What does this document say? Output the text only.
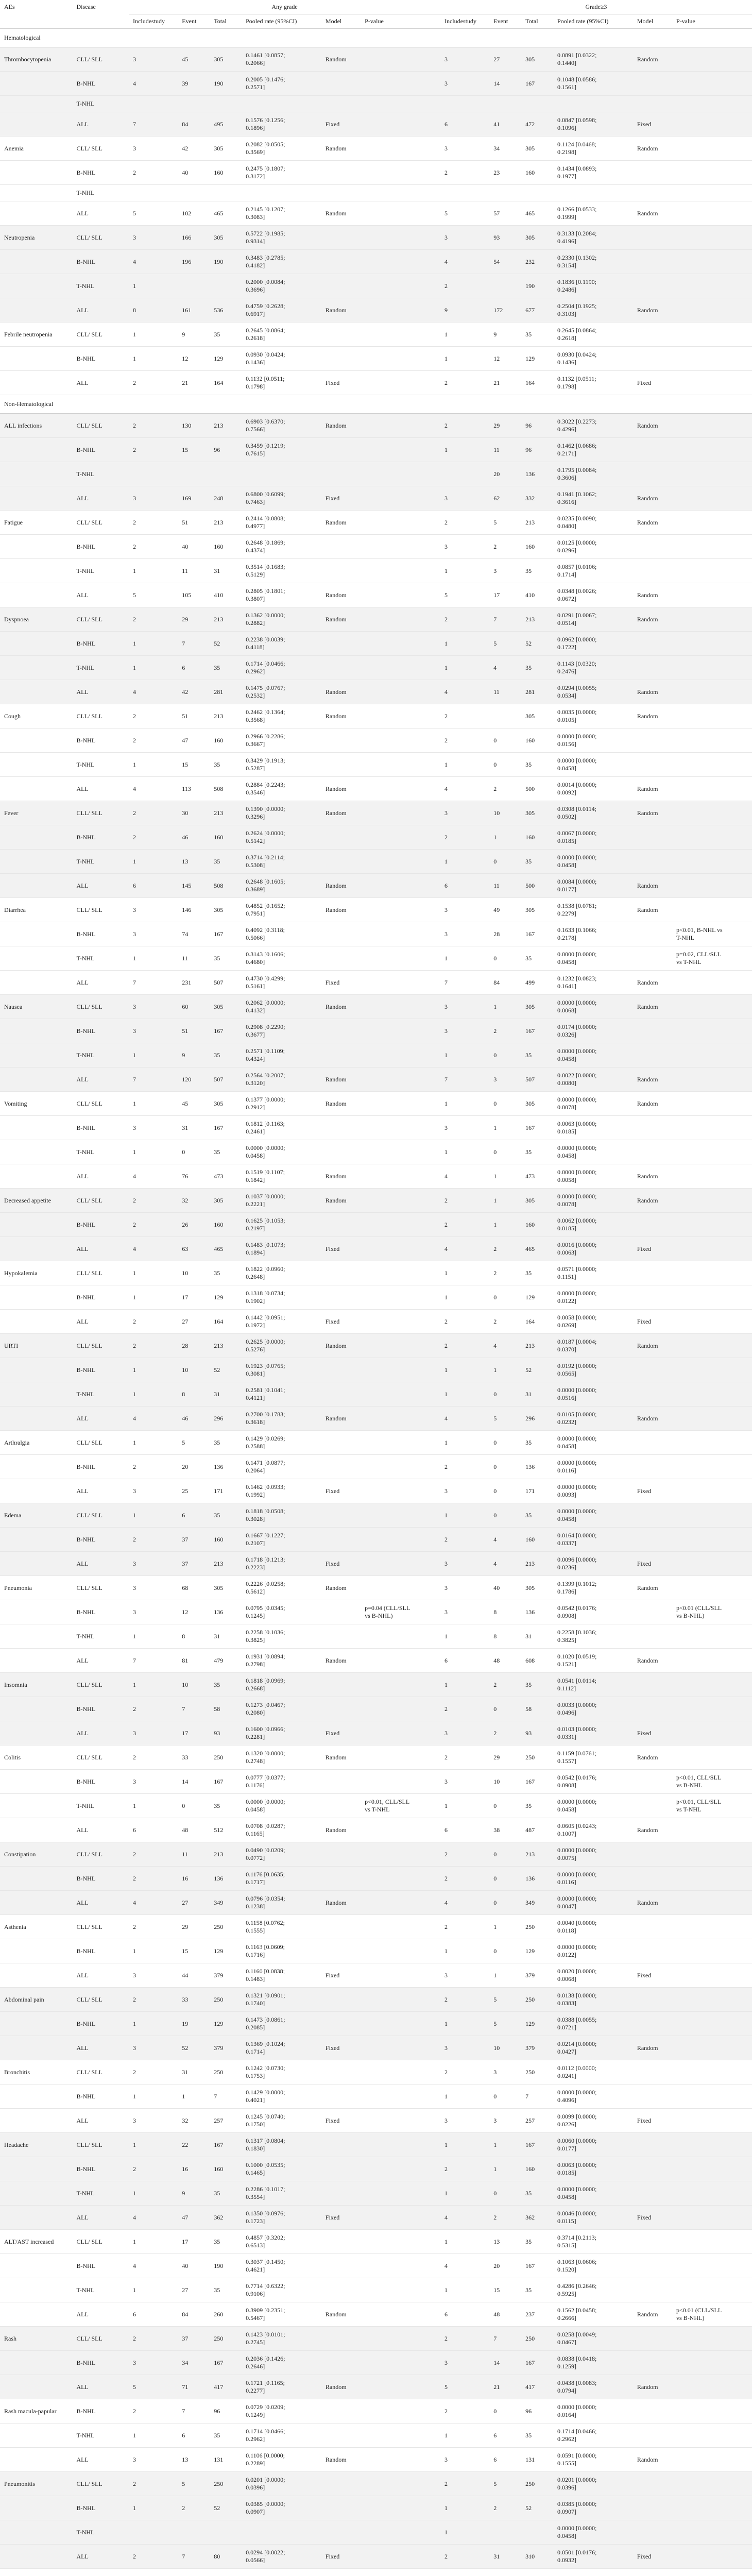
AEs	Disease	Any grade						Grade≥3					
		Includestudy	Event	Total	Pooled rate (95%CI)	Model	P-value	Includestudy	Event	Total	Pooled rate (95%CI)	Model	P-value
Hematological													
Thrombocytopenia	CLL/ SLL	3	45	305	0.1461 [0.0857;
0.2066]	Random		3	27	305	0.0891 [0.0322;
0.1440]	Random	
	B-NHL	4	39	190	0.2005 [0.1476;
0.2571]			3	14	167	0.1048 [0.0586;
0.1561]		
	T-NHL												
	ALL	7	84	495	0.1576 [0.1256;
0.1896]	Fixed		6	41	472	0.0847 [0.0598;
0.1096]	Fixed	
Anemia	CLL/ SLL	3	42	305	0.2082 [0.0505;
0.3569]	Random		3	34	305	0.1124 [0.0468;
0.2198]	Random	
	B-NHL	2	40	160	0.2475 [0.1807;
0.3172]			2	23	160	0.1434 [0.0893;
0.1977]		
	T-NHL												
	ALL	5	102	465	0.2145 [0.1207;
0.3083]	Random		5	57	465	0.1266 [0.0533;
0.1999]	Random	
Neutropenia	CLL/ SLL	3	166	305	0.5722 [0.1985;
0.9314]			3	93	305	0.3133 [0.2084;
0.4196]		
	B-NHL	4	196	190	0.3483 [0.2785;
0.4182]			4	54	232	0.2330 [0.1302;
0.3154]		
	T-NHL	1			0.2000 [0.0084;
0.3696]			2		190	0.1836 [0.1190;
0.2486]		
	ALL	8	161	536	0.4759 [0.2628;
0.6917]	Random		9	172	677	0.2504 [0.1925;
0.3103]	Random	
Febrile neutropenia	CLL/ SLL	1	9	35	0.2645 [0.0864;
0.2618]			1	9	35	0.2645 [0.0864;
0.2618]		
	B-NHL	1	12	129	0.0930 [0.0424;
0.1436]			1	12	129	0.0930 [0.0424;
0.1436]		
	ALL	2	21	164	0.1132 [0.0511;
0.1798]	Fixed		2	21	164	0.1132 [0.0511;
0.1798]	Fixed	
Non-Hematological													
ALL infections	CLL/ SLL	2	130	213	0.6903 [0.6370;
0.7566]	Random		2	29	96	0.3022 [0.2273;
0.4296]	Random	
	B-NHL	2	15	96	0.3459 [0.1219;
0.7615]			1	11	96	0.1462 [0.0686;
0.2171]		
	T-NHL								20	136	0.1795 [0.0084;
0.3606]		
	ALL	3	169	248	0.6800 [0.6099;
0.7463]	Fixed		3	62	332	0.1941 [0.1062;
0.3616]	Random	
Fatigue	CLL/ SLL	2	51	213	0.2414 [0.0808;
0.4977]	Random		2	5	213	0.0235 [0.0090;
0.0480]	Random	
	B-NHL	2	40	160	0.2648 [0.1869;
0.4374]			3	2	160	0.0125 [0.0000;
0.0296]		
	T-NHL	1	11	31	0.3514 [0.1683;
0.5129]			1	3	35	0.0857 [0.0106;
0.1714]		
	ALL	5	105	410	0.2805 [0.1801;
0.3807]	Random		5	17	410	0.0348 [0.0026;
0.0672]	Random	
Dyspnoea	CLL/ SLL	2	29	213	0.1362 [0.0000;
0.2882]	Random		2	7	213	0.0291 [0.0067;
0.0514]	Random	
	B-NHL	1	7	52	0.2238 [0.0039;
0.4118]			1	5	52	0.0962 [0.0000;
0.1722]		
	T-NHL	1	6	35	0.1714 [0.0466;
0.2962]			1	4	35	0.1143 [0.0320;
0.2476]		
	ALL	4	42	281	0.1475 [0.0767;
0.2532]	Random		4	11	281	0.0294 [0.0055;
0.0534]	Random	
Cough	CLL/ SLL	2	51	213	0.2462 [0.1364;
0.3568]	Random		2		305	0.0035 [0.0000;
0.0105]	Random	
	B-NHL	2	47	160	0.2966 [0.2286;
0.3667]			2	0	160	0.0000 [0.0000;
0.0156]		
	T-NHL	1	15	35	0.3429 [0.1913;
0.5287]			1	0	35	0.0000 [0.0000;
0.0458]		
	ALL	4	113	508	0.2884 [0.2243;
0.3546]	Random		4	2	500	0.0014 [0.0000;
0.0092]	Random	
Fever	CLL/ SLL	2	30	213	0.1390 [0.0000;
0.3296]	Random		3	10	305	0.0308 [0.0114;
0.0502]	Random	
	B-NHL	2	46	160	0.2624 [0.0000;
0.5142]			2	1	160	0.0067 [0.0000;
0.0185]		
	T-NHL	1	13	35	0.3714 [0.2114;
0.5308]			1	0	35	0.0000 [0.0000;
0.0458]		
	ALL	6	145	508	0.2648 [0.1605;
0.3689]	Random		6	11	500	0.0084 [0.0000;
0.0177]	Random	
Diarrhea	CLL/ SLL	3	146	305	0.4852 [0.1652;
0.7951]	Random		3	49	305	0.1538 [0.0781;
0.2279]	Random	
	B-NHL	3	74	167	0.4092 [0.3118;
0.5066]			3	28	167	0.1633 [0.1066;
0.2178]		p<0.01, B-NHL vs
T-NHL
	T-NHL	1	11	35	0.3143 [0.1606;
0.4680]			1	0	35	0.0000 [0.0000;
0.0458]		p=0.02, CLL/SLL
vs T-NHL
	ALL	7	231	507	0.4730 [0.4299;
0.5161]	Fixed		7	84	499	0.1232 [0.0823;
0.1641]	Random	
Nausea	CLL/ SLL	3	60	305	0.2062 [0.0000;
0.4132]	Random		3	1	305	0.0000 [0.0000;
0.0068]	Random	
	B-NHL	3	51	167	0.2908 [0.2290;
0.3677]			3	2	167	0.0174 [0.0000;
0.0326]		
	T-NHL	1	9	35	0.2571 [0.1109;
0.4324]			1	0	35	0.0000 [0.0000;
0.0458]		
	ALL	7	120	507	0.2564 [0.2007;
0.3120]	Random		7	3	507	0.0022 [0.0000;
0.0080]	Random	
Vomiting	CLL/ SLL	1	45	305	0.1377 [0.0000;
0.2912]	Random		1	0	305	0.0000 [0.0000;
0.0078]	Random	
	B-NHL	3	31	167	0.1812 [0.1163;
0.2461]			3	1	167	0.0063 [0.0000;
0.0185]		
	T-NHL	1	0	35	0.0000 [0.0000;
0.0458]			1	0	35	0.0000 [0.0000;
0.0458]		
	ALL	4	76	473	0.1519 [0.1107;
0.1842]	Random		4	1	473	0.0000 [0.0000;
0.0058]	Random	
Decreased appetite	CLL/ SLL	2	32	305	0.1037 [0.0000;
0.2221]	Random		2	1	305	0.0000 [0.0000;
0.0078]	Random	
	B-NHL	2	26	160	0.1625 [0.1053;
0.2197]			2	1	160	0.0062 [0.0000;
0.0185]		
	ALL	4	63	465	0.1483 [0.1073;
0.1894]	Fixed		4	2	465	0.0016 [0.0000;
0.0063]	Fixed	
Hypokalemia	CLL/ SLL	1	10	35	0.1822 [0.0960;
0.2648]			1	2	35	0.0571 [0.0000;
0.1151]		
	B-NHL	1	17	129	0.1318 [0.0734;
0.1902]			1	0	129	0.0000 [0.0000;
0.0122]		
	ALL	2	27	164	0.1442 [0.0951;
0.1972]	Fixed		2	2	164	0.0058 [0.0000;
0.0269]	Fixed	
URTI	CLL/ SLL	2	28	213	0.2625 [0.0000;
0.5276]	Random		2	4	213	0.0187 [0.0004;
0.0370]	Random	
	B-NHL	1	10	52	0.1923 [0.0765;
0.3081]			1	1	52	0.0192 [0.0000;
0.0565]		
	T-NHL	1	8	31	0.2581 [0.1041;
0.4121]			1	0	31	0.0000 [0.0000;
0.0516]		
	ALL	4	46	296	0.2700 [0.1783;
0.3618]	Random		4	5	296	0.0105 [0.0000;
0.0232]	Random	
Arthralgia	CLL/ SLL	1	5	35	0.1429 [0.0269;
0.2588]			1	0	35	0.0000 [0.0000;
0.0458]		
	B-NHL	2	20	136	0.1471 [0.0877;
0.2064]			2	0	136	0.0000 [0.0000;
0.0116]		
	ALL	3	25	171	0.1462 [0.0933;
0.1992]	Fixed		3	0	171	0.0000 [0.0000;
0.0093]	Fixed	
Edema	CLL/ SLL	1	6	35	0.1818 [0.0508;
0.3028]			1	0	35	0.0000 [0.0000;
0.0458]		
	B-NHL	2	37	160	0.1667 [0.1227;
0.2107]			2	4	160	0.0164 [0.0000;
0.0337]		
	ALL	3	37	213	0.1718 [0.1213;
0.2223]	Fixed		3	4	213	0.0096 [0.0000;
0.0236]	Fixed	
Pneumonia	CLL/ SLL	3	68	305	0.2226 [0.0258;
0.5612]	Random		3	40	305	0.1399 [0.1012;
0.1786]	Random	
	B-NHL	3	12	136	0.0795 [0.0345;
0.1245]		p=0.04 (CLL/SLL
vs B-NHL)	3	8	136	0.0542 [0.0176;
0.0908]		p<0.01 (CLL/SLL
vs B-NHL)
	T-NHL	1	8	31	0.2258 [0.1036;
0.3825]			1	8	31	0.2258 [0.1036;
0.3825]		
	ALL	7	81	479	0.1931 [0.0894;
0.2798]	Random		6	48	608	0.1020 [0.0519;
0.1521]	Random	
Insomnia	CLL/ SLL	1	10	35	0.1818 [0.0969;
0.2668]			1	2	35	0.0541 [0.0114;
0.1112]		
	B-NHL	2	7	58	0.1273 [0.0467;
0.2080]			2	0	58	0.0033 [0.0000;
0.0496]		
	ALL	3	17	93	0.1600 [0.0966;
0.2281]	Fixed		3	2	93	0.0103 [0.0000;
0.0331]	Fixed	
Colitis	CLL/ SLL	2	33	250	0.1320 [0.0000;
0.2748]	Random		2	29	250	0.1159 [0.0761;
0.1557]	Random	
	B-NHL	3	14	167	0.0777 [0.0377;
0.1176]			3	10	167	0.0542 [0.0176;
0.0908]		p<0.01, CLL/SLL
vs B-NHL
	T-NHL	1	0	35	0.0000 [0.0000;
0.0458]		p<0.01, CLL/SLL
vs T-NHL	1	0	35	0.0000 [0.0000;
0.0458]		p<0.01, CLL/SLL
vs T-NHL
	ALL	6	48	512	0.0708 [0.0287;
0.1165]	Random		6	38	487	0.0605 [0.0243;
0.1007]	Random	
Constipation	CLL/ SLL	2	11	213	0.0490 [0.0209;
0.0772]			2	0	213	0.0000 [0.0000;
0.0075]		
	B-NHL	2	16	136	0.1176 [0.0635;
0.1717]			2	0	136	0.0000 [0.0000;
0.0116]		
	ALL	4	27	349	0.0796 [0.0354;
0.1238]	Random		4	0	349	0.0000 [0.0000;
0.0047]	Random	
Asthenia	CLL/ SLL	2	29	250	0.1158 [0.0762;
0.1555]			2	1	250	0.0040 [0.0000;
0.0118]		
	B-NHL	1	15	129	0.1163 [0.0609;
0.1716]			1	0	129	0.0000 [0.0000;
0.0122]		
	ALL	3	44	379	0.1160 [0.0838;
0.1483]	Fixed		3	1	379	0.0020 [0.0000;
0.0068]	Fixed	
Abdominal pain	CLL/ SLL	2	33	250	0.1321 [0.0901;
0.1740]			2	5	250	0.0138 [0.0000;
0.0383]		
	B-NHL	1	19	129	0.1473 [0.0861;
0.2085]			1	5	129	0.0388 [0.0055;
0.0721]		
	ALL	3	52	379	0.1369 [0.1024;
0.1714]	Fixed		3	10	379	0.0214 [0.0000;
0.0427]	Random	
Bronchitis	CLL/ SLL	2	31	250	0.1242 [0.0730;
0.1753]			2	3	250	0.0112 [0.0000;
0.0241]		
	B-NHL	1	1	7	0.1429 [0.0000;
0.4021]			1	0	7	0.0000 [0.0000;
0.4096]		
	ALL	3	32	257	0.1245 [0.0740;
0.1750]	Fixed		3	3	257	0.0099 [0.0000;
0.0226]	Fixed	
Headache	CLL/ SLL	1	22	167	0.1317 [0.0804;
0.1830]			1	1	167	0.0060 [0.0000;
0.0177]		
	B-NHL	2	16	160	0.1000 [0.0535;
0.1465]			2	1	160	0.0063 [0.0000;
0.0185]		
	T-NHL	1	9	35	0.2286 [0.1017;
0.3554]			1	0	35	0.0000 [0.0000;
0.0458]		
	ALL	4	47	362	0.1350 [0.0976;
0.1723]	Fixed		4	2	362	0.0046 [0.0000;
0.0115]	Fixed	
ALT/AST increased	CLL/ SLL	1	17	35	0.4857 [0.3202;
0.6513]			1	13	35	0.3714 [0.2113;
0.5315]		
	B-NHL	4	40	190	0.3037 [0.1450;
0.4621]			4	20	167	0.1063 [0.0606;
0.1520]		
	T-NHL	1	27	35	0.7714 [0.6322;
0.9106]			1	15	35	0.4286 [0.2646;
0.5925]		
	ALL	6	84	260	0.3909 [0.2351;
0.5467]	Random		6	48	237	0.1562 [0.0458;
0.2666]	Random	p<0.01 (CLL/SLL
vs B-NHL)
Rash	CLL/ SLL	2	37	250	0.1423 [0.0101;
0.2745]			2	7	250	0.0258 [0.0049;
0.0467]		
	B-NHL	3	34	167	0.2036 [0.1426;
0.2646]			3	14	167	0.0838 [0.0418;
0.1259]		
	ALL	5	71	417	0.1721 [0.1165;
0.2277]	Random		5	21	417	0.0438 [0.0083;
0.0794]	Random	
Rash macula-papular	B-NHL	2	7	96	0.0729 [0.0209;
0.1249]			2	0	96	0.0000 [0.0000;
0.0164]		
	T-NHL	1	6	35	0.1714 [0.0466;
0.2962]			1	6	35	0.1714 [0.0466;
0.2962]		
	ALL	3	13	131	0.1106 [0.0000;
0.2289]	Random		3	6	131	0.0591 [0.0000;
0.1555]	Random	
Pneumonitis	CLL/ SLL	2	5	250	0.0201 [0.0000;
0.0396]			2	5	250	0.0201 [0.0000;
0.0396]		
	B-NHL	1	2	52	0.0385 [0.0000;
0.0907]			1	2	52	0.0385 [0.0000;
0.0907]		
	T-NHL							1			0.0000 [0.0000;
0.0458]		
	ALL	2	7	80	0.0294 [0.0022;
0.0566]	Fixed		2	31	310	0.0501 [0.0176;
0.0932]	Fixed	
